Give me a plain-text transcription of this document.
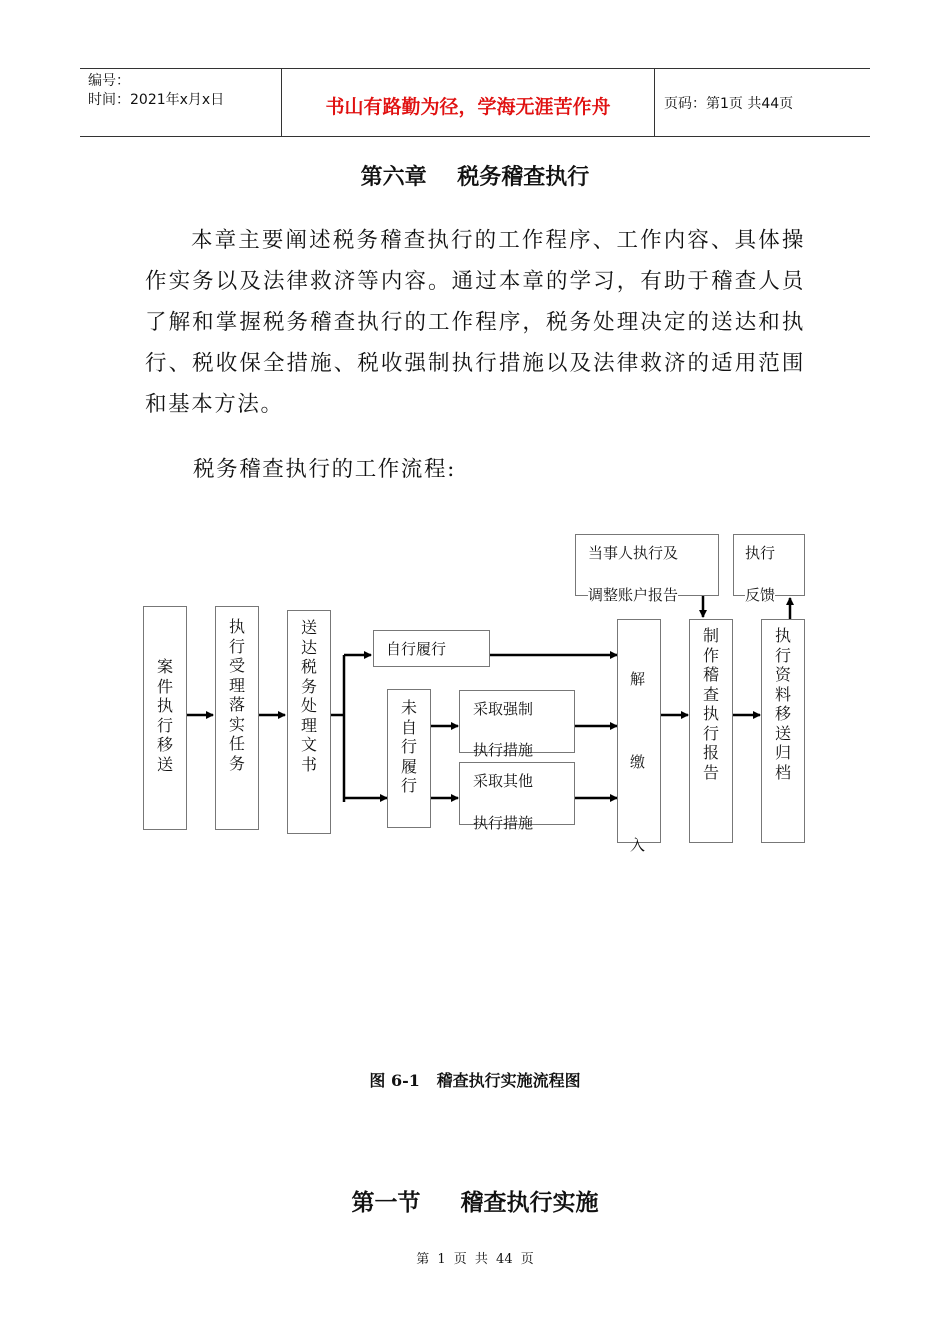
编号：
时间：2021年x月x日	书山有路勤为径，学海无涯苦作舟	页码：第1页 共44页
第六章    税务稽查执行
本章主要阐述税务稽查执行的工作程序、工作内容、具体操作实务以及法律救济等内容。通过本章的学习，有助于稽查人员了解和掌握税务稽查执行的工作程序，税务处理决定的送达和执行、税收保全措施、税收强制执行措施以及法律救济的适用范围和基本方法。
税务稽查执行的工作流程:
案
件
执
行
移
送
执
行
受
理
落
实
任
务
送
达
税
务
处
理
文
书
自行履行
未
自
行
履
行
采取强制
执行措施
采取其他
执行措施
解
缴
入
制
作
稽
查
执
行
报
告
执
行
资
料
移
送
归
档
当事人执行及
调整账户报告
执行
反馈
图 6-1   稽查执行实施流程图
第一节     稽查执行实施
第 1 页 共 44 页
